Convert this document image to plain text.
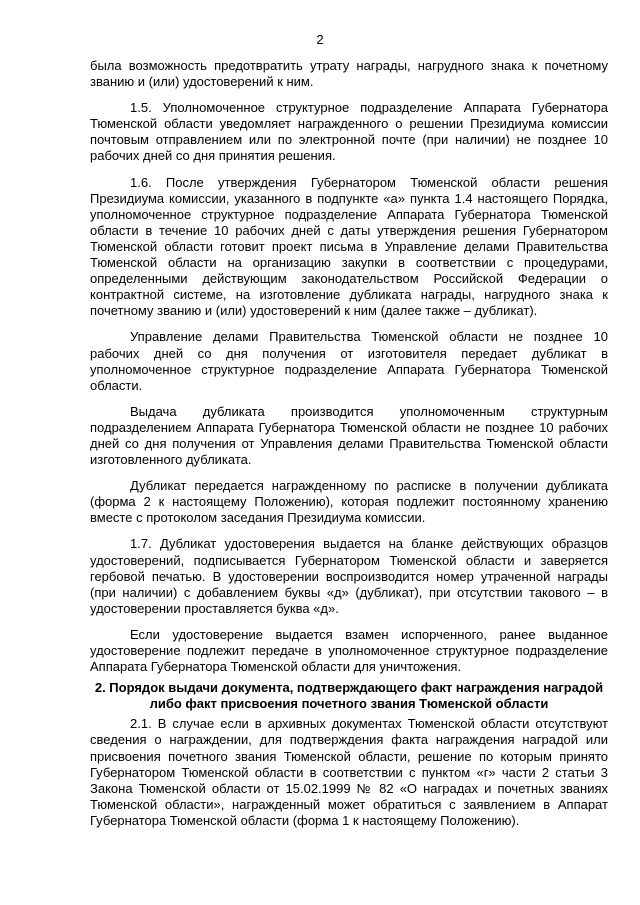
2

была возможность предотвратить утрату награды, нагрудного знака к почетному званию и (или) удостоверений к ним.

1.5. Уполномоченное структурное подразделение Аппарата Губернатора Тюменской области уведомляет награжденного о решении Президиума комиссии почтовым отправлением или по электронной почте (при наличии) не позднее 10 рабочих дней со дня принятия решения.

1.6. После утверждения Губернатором Тюменской области решения Президиума комиссии, указанного в подпункте «а» пункта 1.4 настоящего Порядка, уполномоченное структурное подразделение Аппарата Губернатора Тюменской области в течение 10 рабочих дней с даты утверждения решения Губернатором Тюменской области готовит проект письма в Управление делами Правительства Тюменской области на организацию закупки в соответствии с процедурами, определенными действующим законодательством Российской Федерации о контрактной системе, на изготовление дубликата награды, нагрудного знака к почетному званию и (или) удостоверений к ним (далее также – дубликат).

Управление делами Правительства Тюменской области не позднее 10 рабочих дней со дня получения от изготовителя передает дубликат в уполномоченное структурное подразделение Аппарата Губернатора Тюменской области.

Выдача дубликата производится уполномоченным структурным подразделением Аппарата Губернатора Тюменской области не позднее 10 рабочих дней со дня получения от Управления делами Правительства Тюменской области изготовленного дубликата.

Дубликат передается награжденному по расписке в получении дубликата (форма 2 к настоящему Положению), которая подлежит постоянному хранению вместе с протоколом заседания Президиума комиссии.

1.7. Дубликат удостоверения выдается на бланке действующих образцов удостоверений, подписывается Губернатором Тюменской области и заверяется гербовой печатью. В удостоверении воспроизводится номер утраченной награды (при наличии) с добавлением буквы «д» (дубликат), при отсутствии такового – в удостоверении проставляется буква «д».

Если удостоверение выдается взамен испорченного, ранее выданное удостоверение подлежит передаче в уполномоченное структурное подразделение Аппарата Губернатора Тюменской области для уничтожения.

2. Порядок выдачи документа, подтверждающего факт награждения наградой либо факт присвоения почетного звания Тюменской области

2.1. В случае если в архивных документах Тюменской области отсутствуют сведения о награждении, для подтверждения факта награждения наградой или присвоения почетного звания Тюменской области, решение по которым принято Губернатором Тюменской области в соответствии с пунктом «г» части 2 статьи 3 Закона Тюменской области от 15.02.1999 № 82 «О наградах и почетных званиях Тюменской области», награжденный может обратиться с заявлением в Аппарат Губернатора Тюменской области (форма 1 к настоящему Положению).
